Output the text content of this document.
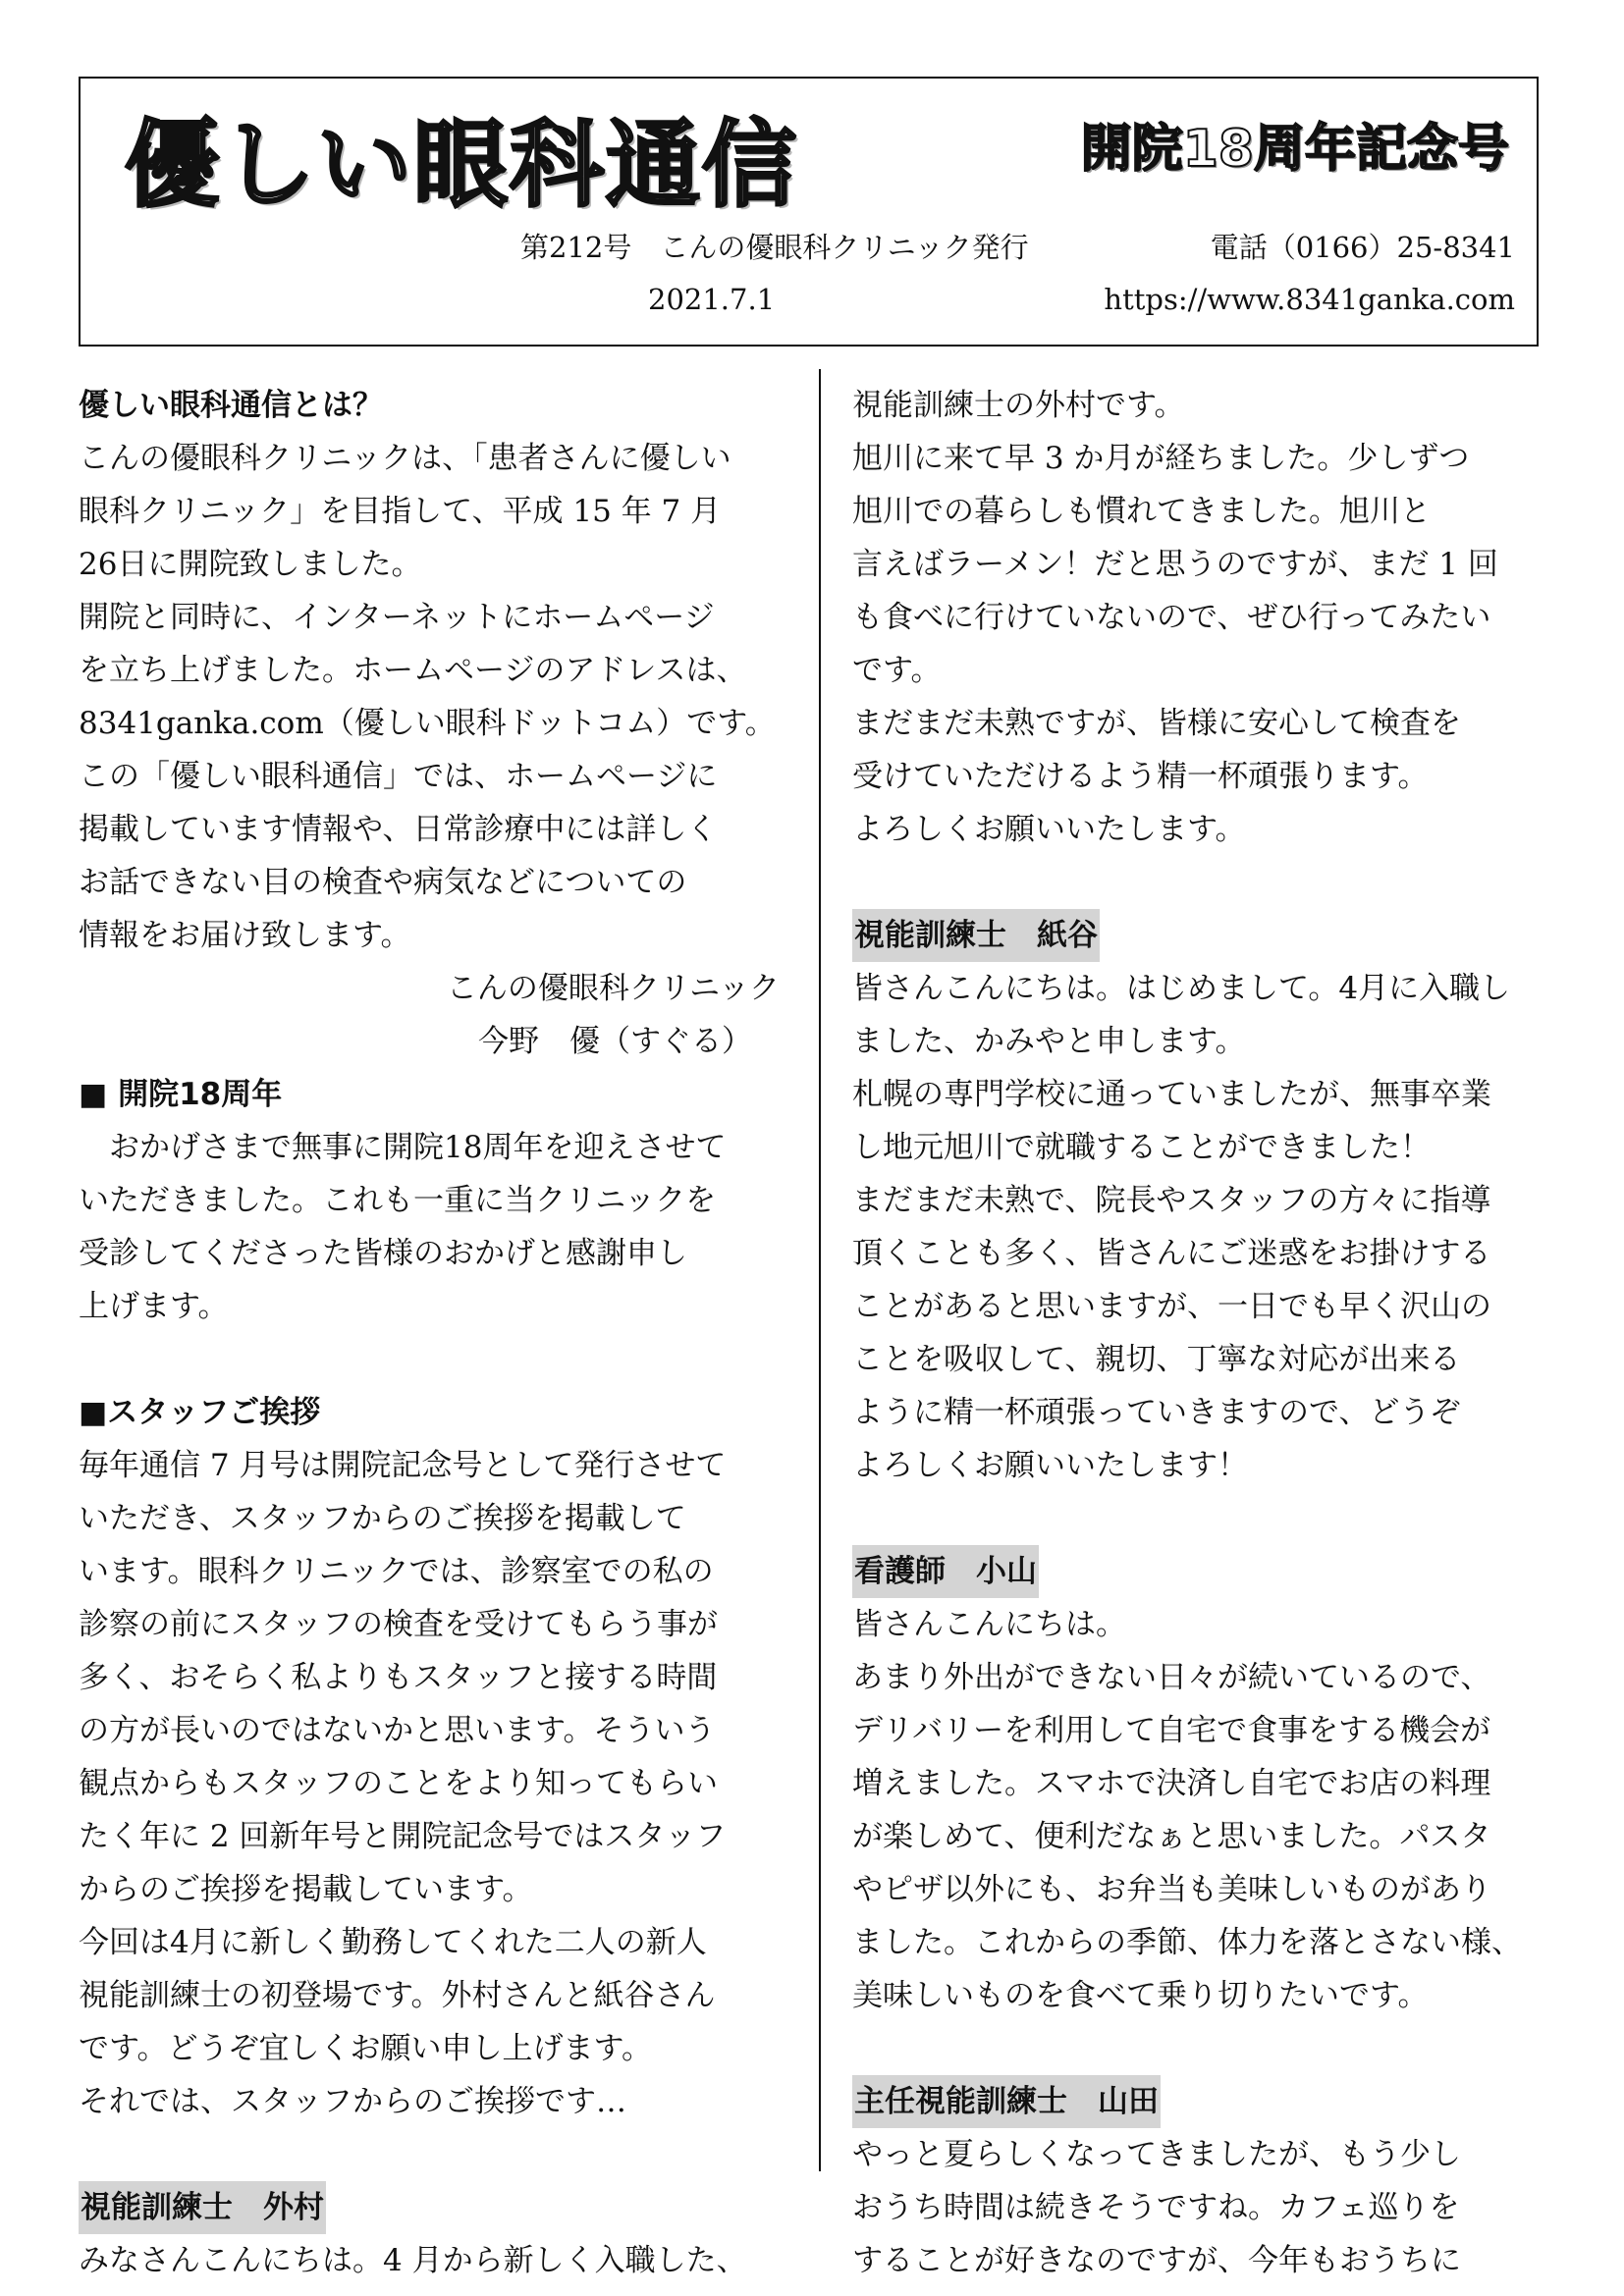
優しい眼科通信	開院18周年記念号
第212号　こんの優眼科クリニック発行	電話（0166）25-8341
2021.7.1	https://www.8341ganka.com

優しい眼科通信とは？

こんの優眼科クリニックは、「患者さんに優しい

眼科クリニック」を目指して、平成 15 年 7 月

26日に開院致しました。

開院と同時に、インターネットにホームページ

を立ち上げました。ホームページのアドレスは、

8341ganka.com（優しい眼科ドットコム）です。

この「優しい眼科通信」では、ホームページに

掲載しています情報や、日常診療中には詳しく

お話できない目の検査や病気などについての

情報をお届け致します。

こんの優眼科クリニック

今野　優（すぐる）

■ 開院18周年

おかげさまで無事に開院18周年を迎えさせて

いただきました。これも一重に当クリニックを

受診してくださった皆様のおかげと感謝申し

上げます。

■スタッフご挨拶

毎年通信 7 月号は開院記念号として発行させて

いただき、スタッフからのご挨拶を掲載して

います。眼科クリニックでは、診察室での私の

診察の前にスタッフの検査を受けてもらう事が

多く、おそらく私よりもスタッフと接する時間

の方が長いのではないかと思います。そういう

観点からもスタッフのことをより知ってもらい

たく年に 2 回新年号と開院記念号ではスタッフ

からのご挨拶を掲載しています。

今回は4月に新しく勤務してくれた二人の新人

視能訓練士の初登場です。外村さんと紙谷さん

です。どうぞ宜しくお願い申し上げます。

それでは、スタッフからのご挨拶です…

視能訓練士　外村

みなさんこんにちは。4 月から新しく入職した、

視能訓練士の外村です。

旭川に来て早 3 か月が経ちました。少しずつ

旭川での暮らしも慣れてきました。旭川と

言えばラーメン！だと思うのですが、まだ 1 回

も食べに行けていないので、ぜひ行ってみたい

です。

まだまだ未熟ですが、皆様に安心して検査を

受けていただけるよう精一杯頑張ります。

よろしくお願いいたします。

視能訓練士　紙谷

皆さんこんにちは。はじめまして。4月に入職し

ました、かみやと申します。

札幌の専門学校に通っていましたが、無事卒業

し地元旭川で就職することができました！

まだまだ未熟で、院長やスタッフの方々に指導

頂くことも多く、皆さんにご迷惑をお掛けする

ことがあると思いますが、一日でも早く沢山の

ことを吸収して、親切、丁寧な対応が出来る

ように精一杯頑張っていきますので、どうぞ

よろしくお願いいたします！

看護師　小山

皆さんこんにちは。

あまり外出ができない日々が続いているので、

デリバリーを利用して自宅で食事をする機会が

増えました。スマホで決済し自宅でお店の料理

が楽しめて、便利だなぁと思いました。パスタ

やピザ以外にも、お弁当も美味しいものがあり

ました。これからの季節、体力を落とさない様、

美味しいものを食べて乗り切りたいです。

主任視能訓練士　山田

やっと夏らしくなってきましたが、もう少し

おうち時間は続きそうですね。カフェ巡りを

することが好きなのですが、今年もおうちに
